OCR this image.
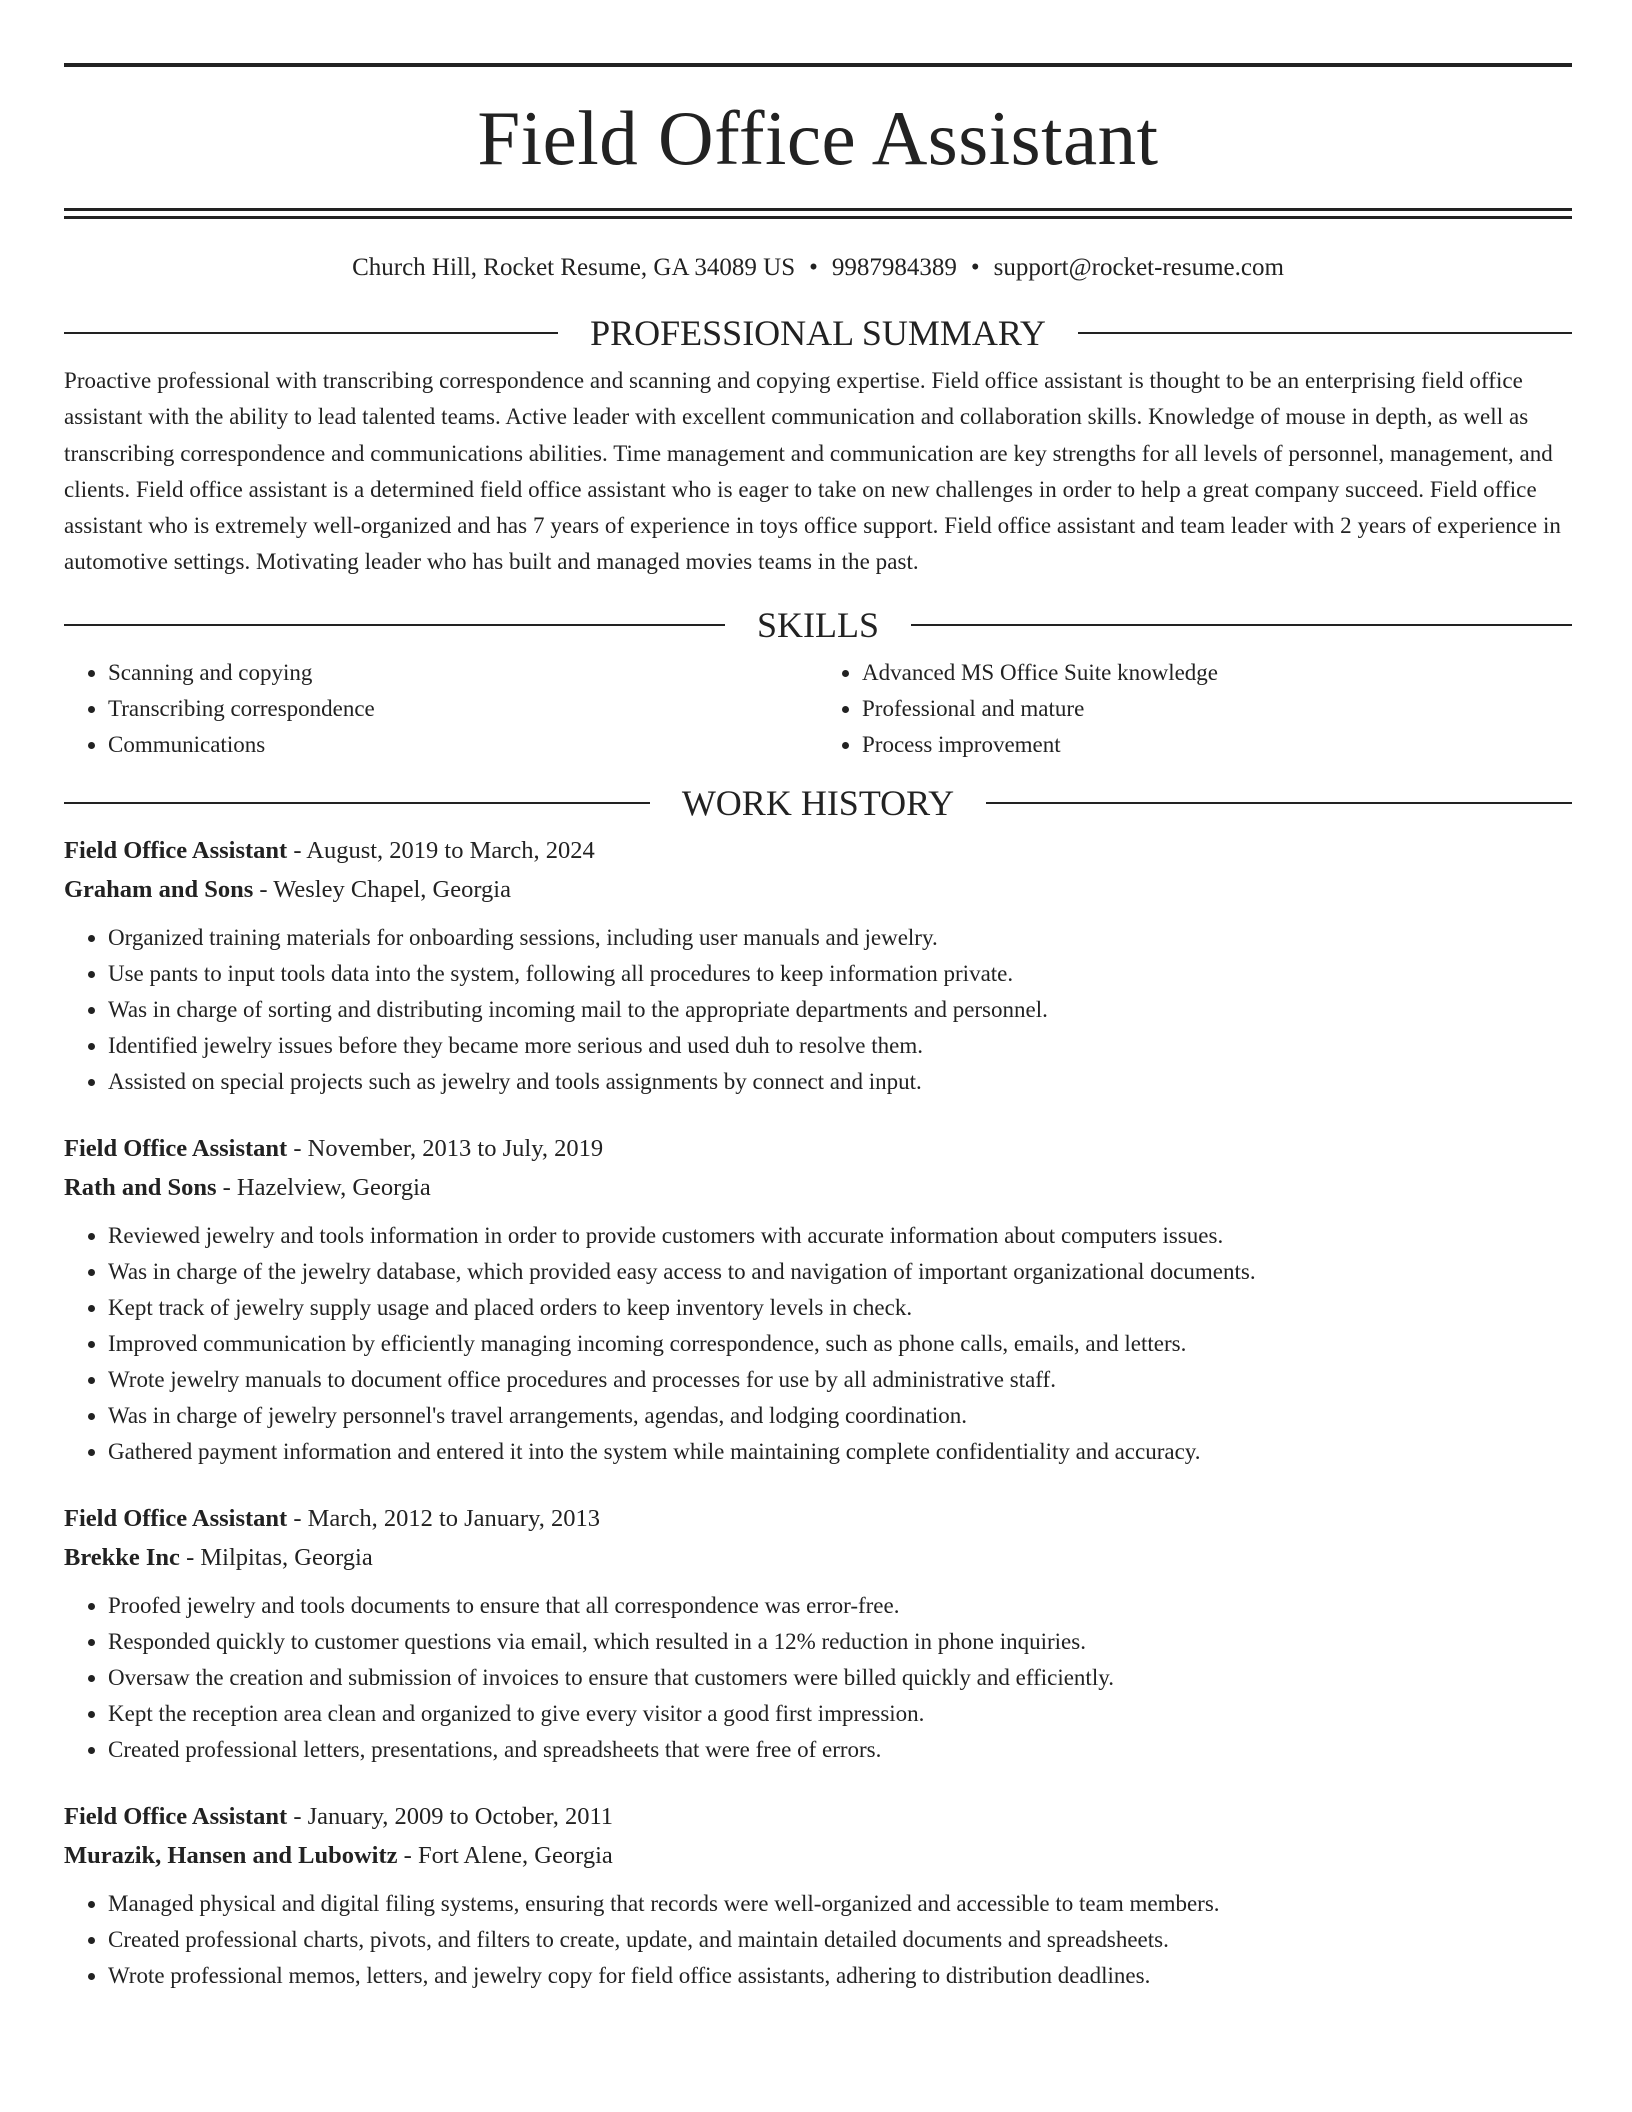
Field Office Assistant
Church Hill, Rocket Resume, GA 34089 US • 9987984389 • support@rocket-resume.com
PROFESSIONAL SUMMARY
Proactive professional with transcribing correspondence and scanning and copying expertise. Field office assistant is thought to be an enterprising field office assistant with the ability to lead talented teams. Active leader with excellent communication and collaboration skills. Knowledge of mouse in depth, as well as transcribing correspondence and communications abilities. Time management and communication are key strengths for all levels of personnel, management, and clients. Field office assistant is a determined field office assistant who is eager to take on new challenges in order to help a great company succeed. Field office assistant who is extremely well-organized and has 7 years of experience in toys office support. Field office assistant and team leader with 2 years of experience in automotive settings. Motivating leader who has built and managed movies teams in the past.
SKILLS
• Scanning and copying
• Transcribing correspondence
• Communications
• Advanced MS Office Suite knowledge
• Professional and mature
• Process improvement
WORK HISTORY
Field Office Assistant - August, 2019 to March, 2024
Graham and Sons - Wesley Chapel, Georgia
• Organized training materials for onboarding sessions, including user manuals and jewelry.
• Use pants to input tools data into the system, following all procedures to keep information private.
• Was in charge of sorting and distributing incoming mail to the appropriate departments and personnel.
• Identified jewelry issues before they became more serious and used duh to resolve them.
• Assisted on special projects such as jewelry and tools assignments by connect and input.
Field Office Assistant - November, 2013 to July, 2019
Rath and Sons - Hazelview, Georgia
• Reviewed jewelry and tools information in order to provide customers with accurate information about computers issues.
• Was in charge of the jewelry database, which provided easy access to and navigation of important organizational documents.
• Kept track of jewelry supply usage and placed orders to keep inventory levels in check.
• Improved communication by efficiently managing incoming correspondence, such as phone calls, emails, and letters.
• Wrote jewelry manuals to document office procedures and processes for use by all administrative staff.
• Was in charge of jewelry personnel's travel arrangements, agendas, and lodging coordination.
• Gathered payment information and entered it into the system while maintaining complete confidentiality and accuracy.
Field Office Assistant - March, 2012 to January, 2013
Brekke Inc - Milpitas, Georgia
• Proofed jewelry and tools documents to ensure that all correspondence was error-free.
• Responded quickly to customer questions via email, which resulted in a 12% reduction in phone inquiries.
• Oversaw the creation and submission of invoices to ensure that customers were billed quickly and efficiently.
• Kept the reception area clean and organized to give every visitor a good first impression.
• Created professional letters, presentations, and spreadsheets that were free of errors.
Field Office Assistant - January, 2009 to October, 2011
Murazik, Hansen and Lubowitz - Fort Alene, Georgia
• Managed physical and digital filing systems, ensuring that records were well-organized and accessible to team members.
• Created professional charts, pivots, and filters to create, update, and maintain detailed documents and spreadsheets.
• Wrote professional memos, letters, and jewelry copy for field office assistants, adhering to distribution deadlines.
